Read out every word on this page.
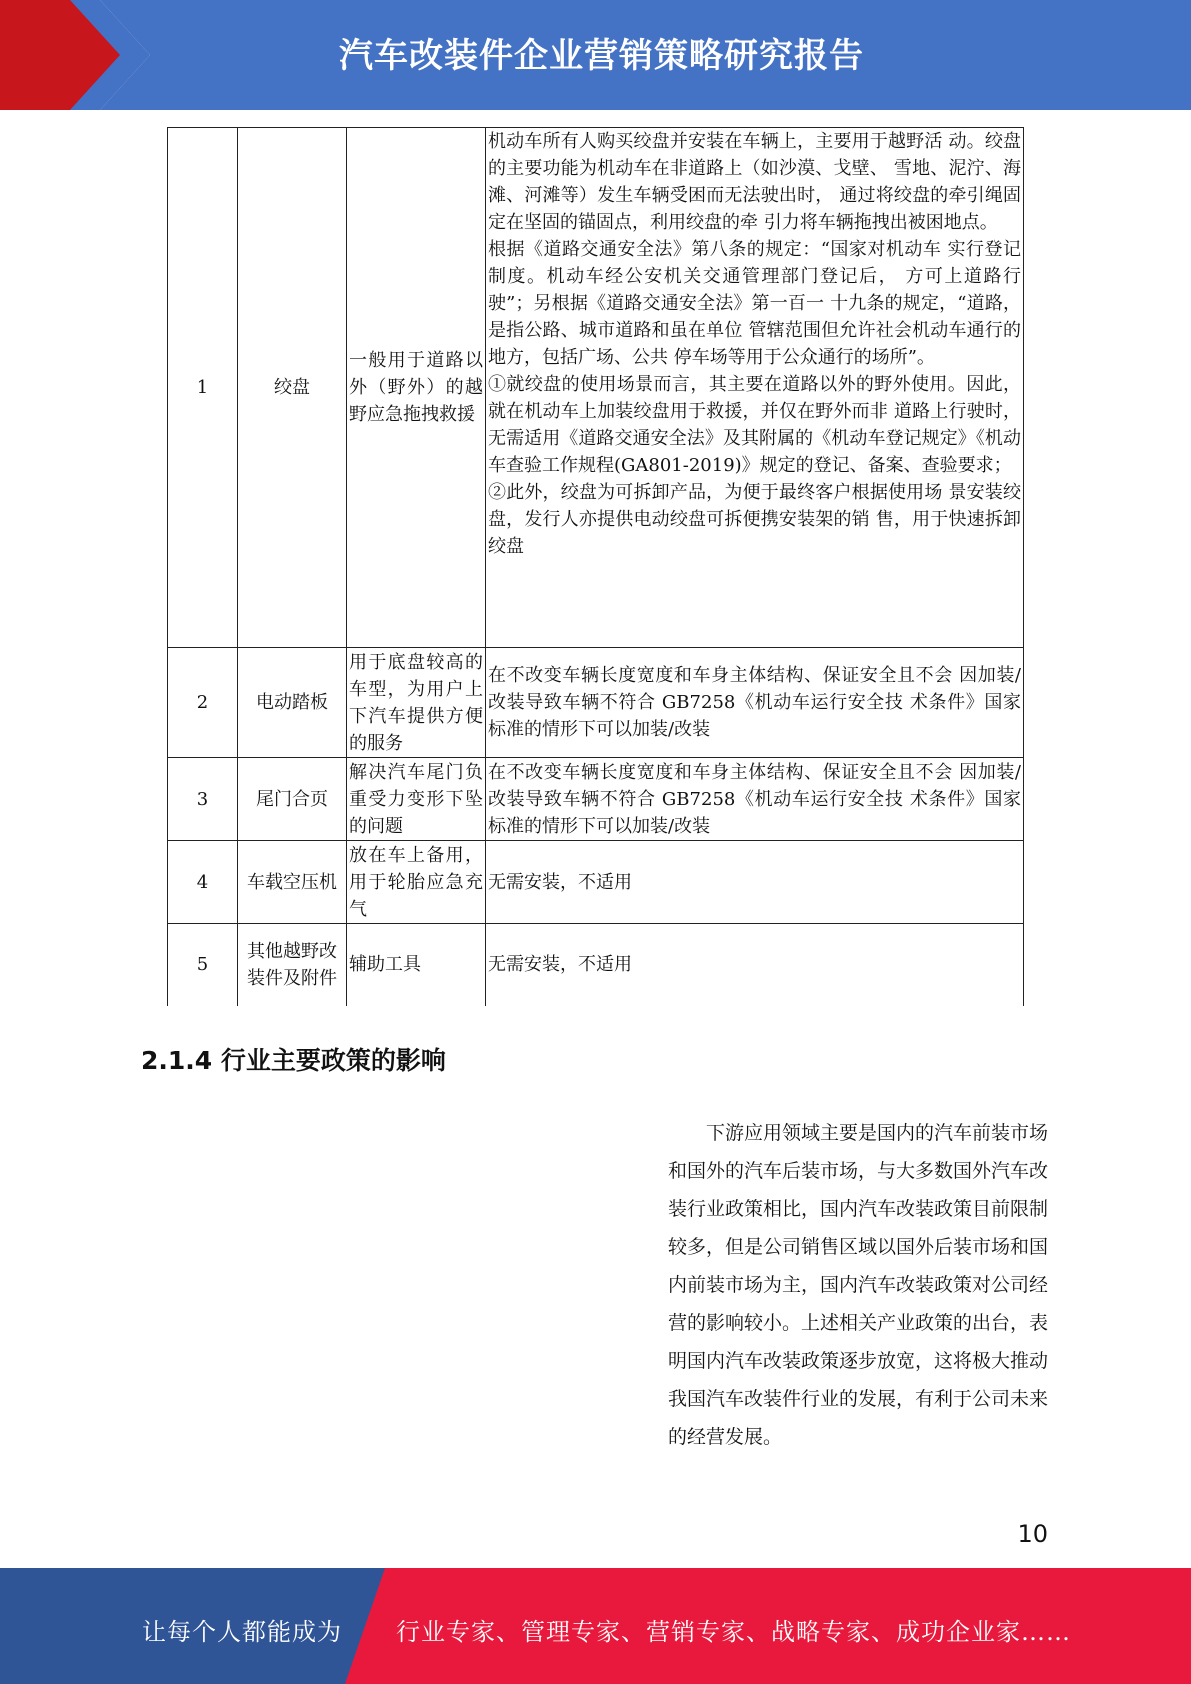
汽车改装件企业营销策略研究报告
1	绞盘	一般用于道路以外（野外）的越野应急拖拽救援	机动车所有人购买绞盘并安装在车辆上，主要用于越野活 动。绞盘的主要功能为机动车在非道路上（如沙漠、戈壁、 雪地、泥泞、海滩、河滩等）发生车辆受困而无法驶出时， 通过将绞盘的牵引绳固定在坚固的锚固点，利用绞盘的牵 引力将车辆拖拽出被困地点。
根据《道路交通安全法》第八条的规定：“国家对机动车 实行登记制度。机动车经公安机关交通管理部门登记后， 方可上道路行驶”；另根据《道路交通安全法》第一百一 十九条的规定，“道路，是指公路、城市道路和虽在单位 管辖范围但允许社会机动车通行的地方，包括广场、公共 停车场等用于公众通行的场所”。
①就绞盘的使用场景而言，其主要在道路以外的野外使用。因此，就在机动车上加装绞盘用于救援，并仅在野外而非 道路上行驶时，无需适用《道路交通安全法》及其附属的《机动车登记规定》《机动车查验工作规程(GA801-2019)》规定的登记、备案、查验要求；
②此外，绞盘为可拆卸产品，为便于最终客户根据使用场 景安装绞盘，发行人亦提供电动绞盘可拆便携安装架的销 售，用于快速拆卸绞盘

2	电动踏板	用于底盘较高的车型，为用户上下汽车提供方便的服务	在不改变车辆长度宽度和车身主体结构、保证安全且不会 因加装/改装导致车辆不符合 GB7258《机动车运行安全技 术条件》国家标准的情形下可以加装/改装

3	尾门合页	解决汽车尾门负重受力变形下坠的问题	在不改变车辆长度宽度和车身主体结构、保证安全且不会 因加装/改装导致车辆不符合 GB7258《机动车运行安全技 术条件》国家标准的情形下可以加装/改装

4	车载空压机	放在车上备用，用于轮胎应急充气	无需安装，不适用

5	其他越野改装件及附件	辅助工具	无需安装，不适用
2.1.4 行业主要政策的影响
下游应用领域主要是国内的汽车前装市场和国外的汽车后装市场，与大多数国外汽车改装行业政策相比，国内汽车改装政策目前限制较多，但是公司销售区域以国外后装市场和国内前装市场为主，国内汽车改装政策对公司经营的影响较小。上述相关产业政策的出台，表明国内汽车改装政策逐步放宽，这将极大推动我国汽车改装件行业的发展，有利于公司未来的经营发展。
10
让每个人都能成为 行业专家、管理专家、营销专家、战略专家、成功企业家……
